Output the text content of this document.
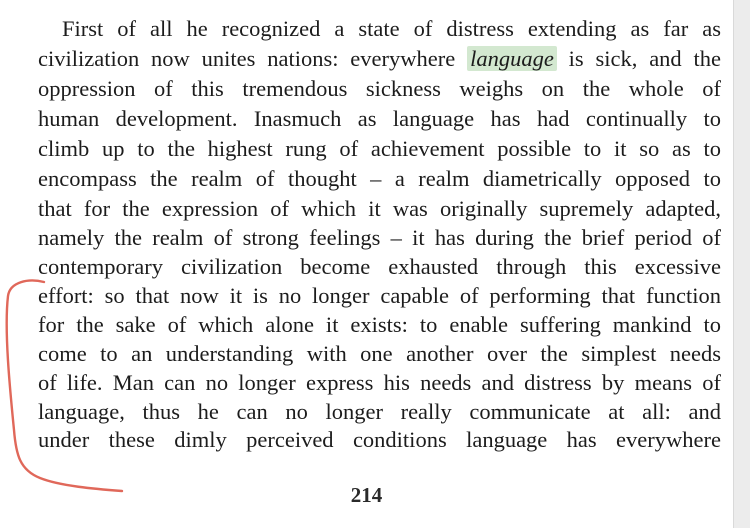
First of all he recognized a state of distress extending as far as
civilization now unites nations: everywhere language is sick, and the
oppression of this tremendous sickness weighs on the whole of
human development. Inasmuch as language has had continually to
climb up to the highest rung of achievement possible to it so as to
encompass the realm of thought – a realm diametrically opposed to
that for the expression of which it was originally supremely adapted,
namely the realm of strong feelings – it has during the brief period of
contemporary civilization become exhausted through this excessive
effort: so that now it is no longer capable of performing that function
for the sake of which alone it exists: to enable suffering mankind to
come to an understanding with one another over the simplest needs
of life. Man can no longer express his needs and distress by means of
language, thus he can no longer really communicate at all: and
under these dimly perceived conditions language has everywhere
214
